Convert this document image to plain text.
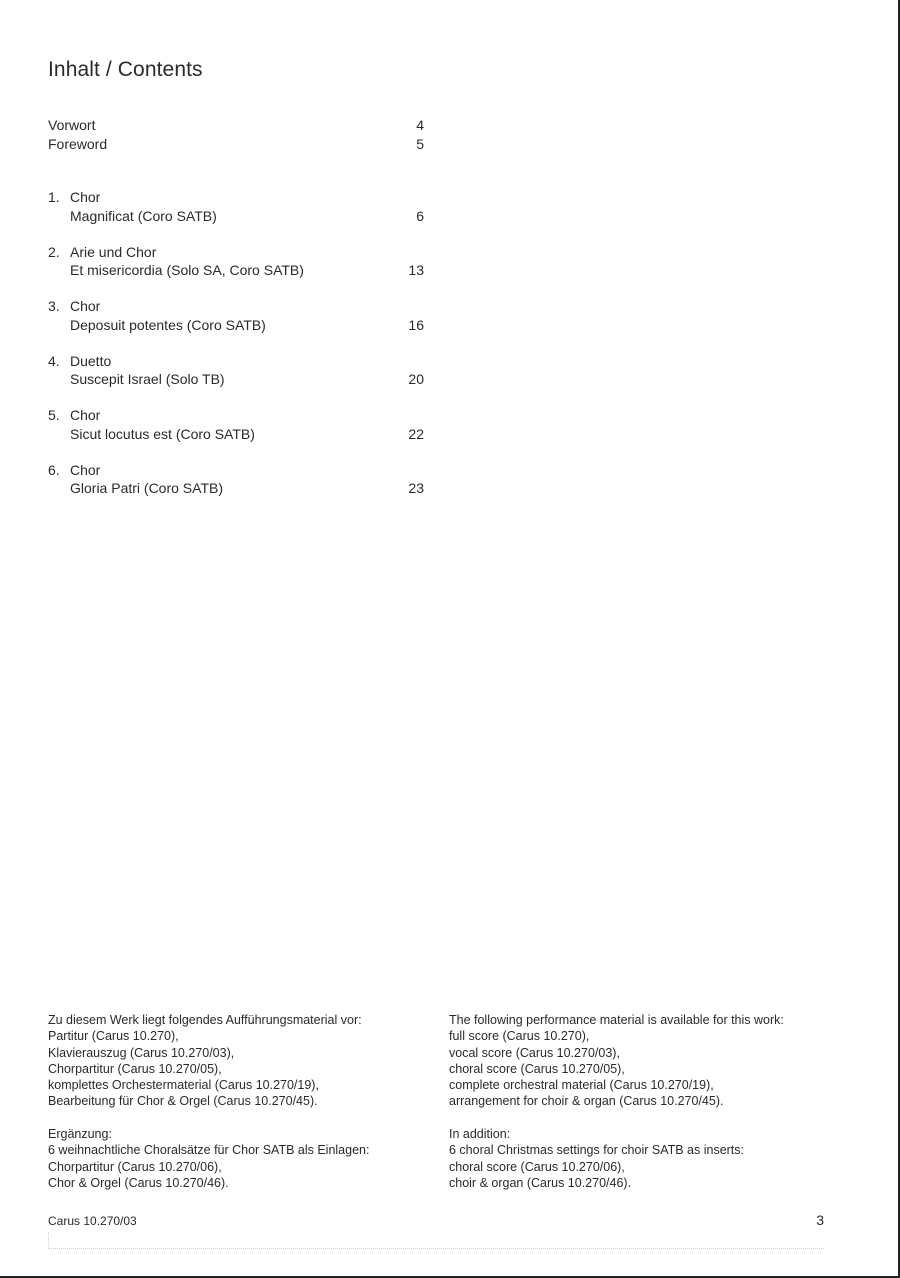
Inhalt / Contents
Vorwort	4
Foreword	5
1. Chor
Magnificat (Coro SATB)	6
2. Arie und Chor
Et misericordia (Solo SA, Coro SATB)	13
3. Chor
Deposuit potentes (Coro SATB)	16
4. Duetto
Suscepit Israel (Solo TB)	20
5. Chor
Sicut locutus est (Coro SATB)	22
6. Chor
Gloria Patri (Coro SATB)	23
Zu diesem Werk liegt folgendes Aufführungsmaterial vor:
Partitur (Carus 10.270),
Klavierauszug (Carus 10.270/03),
Chorpartitur (Carus 10.270/05),
komplettes Orchestermaterial (Carus 10.270/19),
Bearbeitung für Chor & Orgel (Carus 10.270/45).
Ergänzung:
6 weihnachtliche Choralsätze für Chor SATB als Einlagen:
Chorpartitur (Carus 10.270/06),
Chor & Orgel (Carus 10.270/46).
The following performance material is available for this work:
full score (Carus 10.270),
vocal score (Carus 10.270/03),
choral score (Carus 10.270/05),
complete orchestral material (Carus 10.270/19),
arrangement for choir & organ (Carus 10.270/45).
In addition:
6 choral Christmas settings for choir SATB as inserts:
choral score (Carus 10.270/06),
choir & organ (Carus 10.270/46).
Carus 10.270/03	3
